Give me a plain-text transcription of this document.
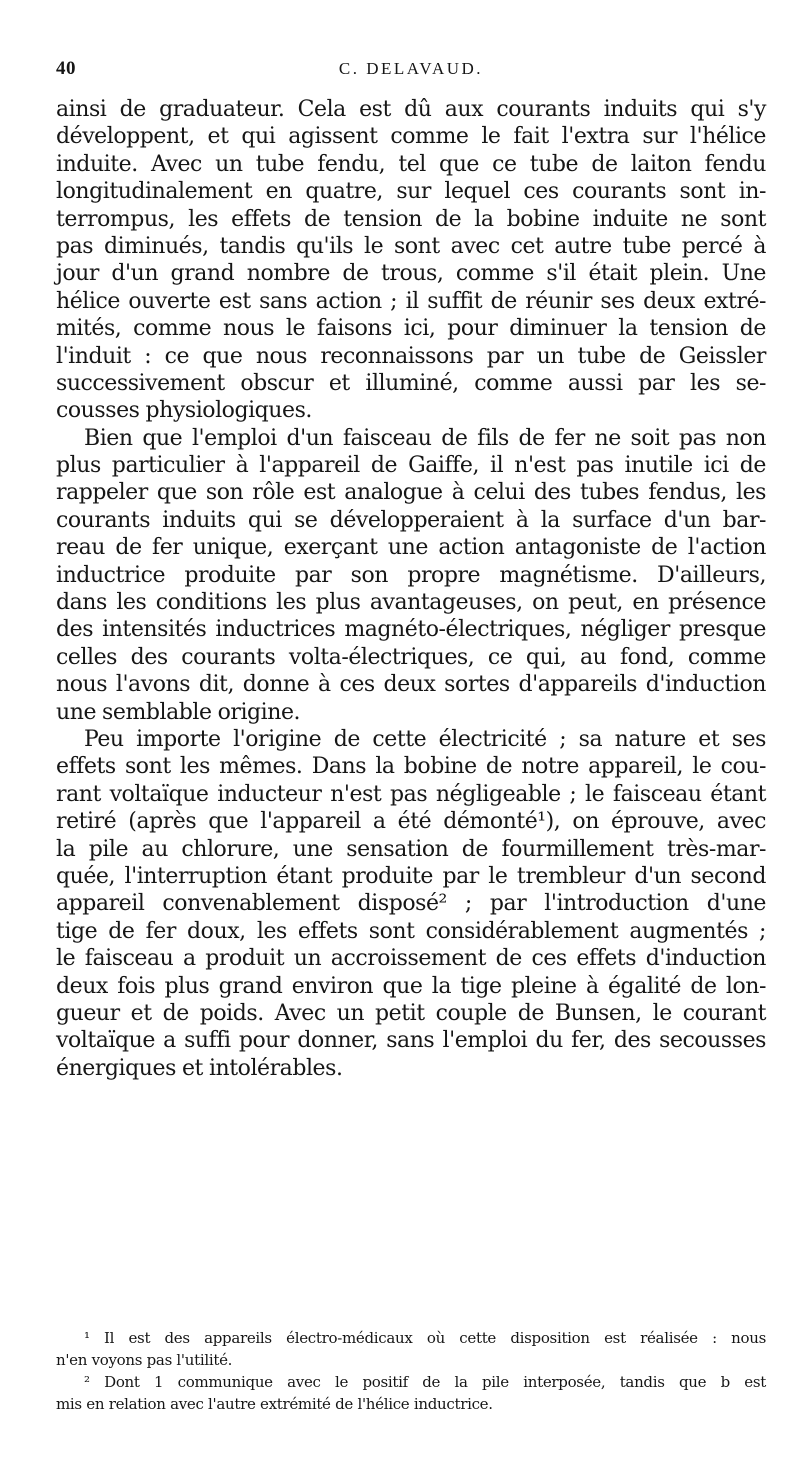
40	C. DELAVAUD.
ainsi de graduateur. Cela est dû aux courants induits qui s'y
développent, et qui agissent comme le fait l'extra sur l'hélice
induite. Avec un tube fendu, tel que ce tube de laiton fendu
longitudinalement en quatre, sur lequel ces courants sont in-
terrompus, les effets de tension de la bobine induite ne sont
pas diminués, tandis qu'ils le sont avec cet autre tube percé à
jour d'un grand nombre de trous, comme s'il était plein. Une
hélice ouverte est sans action ; il suffit de réunir ses deux extré-
mités, comme nous le faisons ici, pour diminuer la tension de
l'induit : ce que nous reconnaissons par un tube de Geissler
successivement obscur et illuminé, comme aussi par les se-
cousses physiologiques.
Bien que l'emploi d'un faisceau de fils de fer ne soit pas non
plus particulier à l'appareil de Gaiffe, il n'est pas inutile ici de
rappeler que son rôle est analogue à celui des tubes fendus, les
courants induits qui se développeraient à la surface d'un bar-
reau de fer unique, exerçant une action antagoniste de l'action
inductrice produite par son propre magnétisme. D'ailleurs,
dans les conditions les plus avantageuses, on peut, en présence
des intensités inductrices magnéto-électriques, négliger presque
celles des courants volta-électriques, ce qui, au fond, comme
nous l'avons dit, donne à ces deux sortes d'appareils d'induction
une semblable origine.
Peu importe l'origine de cette électricité ; sa nature et ses
effets sont les mêmes. Dans la bobine de notre appareil, le cou-
rant voltaïque inducteur n'est pas négligeable ; le faisceau étant
retiré (après que l'appareil a été démonté¹), on éprouve, avec
la pile au chlorure, une sensation de fourmillement très-mar-
quée, l'interruption étant produite par le trembleur d'un second
appareil convenablement disposé² ; par l'introduction d'une
tige de fer doux, les effets sont considérablement augmentés ;
le faisceau a produit un accroissement de ces effets d'induction
deux fois plus grand environ que la tige pleine à égalité de lon-
gueur et de poids. Avec un petit couple de Bunsen, le courant
voltaïque a suffi pour donner, sans l'emploi du fer, des secousses
énergiques et intolérables.
¹ Il est des appareils électro-médicaux où cette disposition est réalisée : nous
n'en voyons pas l'utilité.
² Dont 1 communique avec le positif de la pile interposée, tandis que b est
mis en relation avec l'autre extrémité de l'hélice inductrice.
